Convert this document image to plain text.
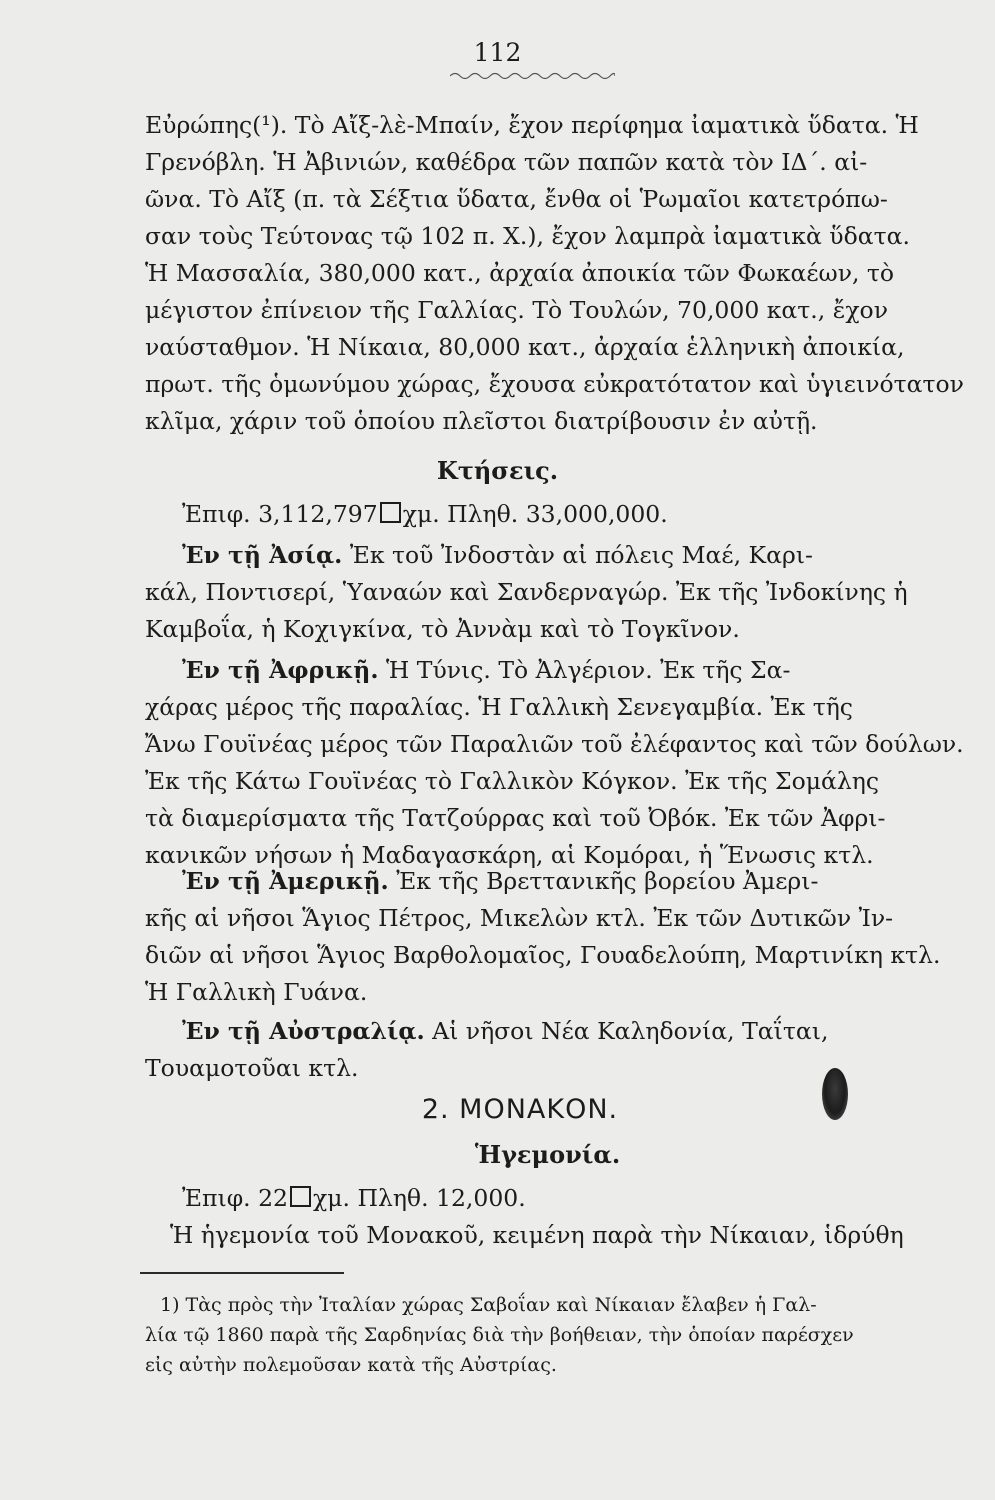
112
Εὐρώπης(¹). Τὸ Αἴξ-λὲ-Μπαίν, ἔχον περίφημα ἰαματικὰ ὕδατα. Ἡ
Γρενόβλη. Ἡ Ἀβινιών, καθέδρα τῶν παπῶν κατὰ τὸν ΙΔ΄. αἰ-
ῶνα. Τὸ Αἴξ (π. τὰ Σέξτια ὕδατα, ἔνθα οἱ Ῥωμαῖοι κατετρόπω-
σαν τοὺς Τεύτονας τῷ 102 π. Χ.), ἔχον λαμπρὰ ἰαματικὰ ὕδατα.
Ἡ Μασσαλία, 380,000 κατ., ἀρχαία ἀποικία τῶν Φωκαέων, τὸ
μέγιστον ἐπίνειον τῆς Γαλλίας. Τὸ Τουλών, 70,000 κατ., ἔχον
ναύσταθμον. Ἡ Νίκαια, 80,000 κατ., ἀρχαία ἑλληνικὴ ἀποικία,
πρωτ. τῆς ὁμωνύμου χώρας, ἔχουσα εὐκρατότατον καὶ ὑγιεινότατον
κλῖμα, χάριν τοῦ ὁποίου πλεῖστοι διατρίβουσιν ἐν αὐτῇ.
Κτήσεις.
Ἐπιφ. 3,112,797 χμ. Πληθ. 33,000,000.
Ἐν τῇ Ἀσίᾳ. Ἐκ τοῦ Ἰνδοστὰν αἱ πόλεις Μαέ, Καρι-
κάλ, Ποντισερί, Ὑαναών καὶ Σανδερναγώρ. Ἐκ τῆς Ἰνδοκίνης ἡ
Καμβοΐα, ἡ Κοχιγκίνα, τὸ Ἀννὰμ καὶ τὸ Τογκῖνον.
Ἐν τῇ Ἀφρικῇ. Ἡ Τύνις. Τὸ Ἀλγέριον. Ἐκ τῆς Σα-
χάρας μέρος τῆς παραλίας. Ἡ Γαλλικὴ Σενεγαμβία. Ἐκ τῆς
Ἄνω Γουϊνέας μέρος τῶν Παραλιῶν τοῦ ἐλέφαντος καὶ τῶν δούλων.
Ἐκ τῆς Κάτω Γουϊνέας τὸ Γαλλικὸν Κόγκον. Ἐκ τῆς Σομάλης
τὰ διαμερίσματα τῆς Τατζούρρας καὶ τοῦ Ὀβόκ. Ἐκ τῶν Ἀφρι-
κανικῶν νήσων ἡ Μαδαγασκάρη, αἱ Κομόραι, ἡ Ἕνωσις κτλ.
Ἐν τῇ Ἀμερικῇ. Ἐκ τῆς Βρεττανικῆς βορείου Ἀμερι-
κῆς αἱ νῆσοι Ἅγιος Πέτρος, Μικελὼν κτλ. Ἐκ τῶν Δυτικῶν Ἰν-
διῶν αἱ νῆσοι Ἅγιος Βαρθολομαῖος, Γουαδελούπη, Μαρτινίκη κτλ.
Ἡ Γαλλικὴ Γυάνα.
Ἐν τῇ Αὐστραλίᾳ. Αἱ νῆσοι Νέα Καληδονία, Ταΐται,
Τουαμοτοῦαι κτλ.
2. ΜΟΝΑΚΟΝ.
Ἡγεμονία.
Ἐπιφ. 22 χμ. Πληθ. 12,000.
Ἡ ἡγεμονία τοῦ Μονακοῦ, κειμένη παρὰ τὴν Νίκαιαν, ἱδρύθη
1) Τὰς πρὸς τὴν Ἰταλίαν χώρας Σαβοΐαν καὶ Νίκαιαν ἔλαβεν ἡ Γαλ-
λία τῷ 1860 παρὰ τῆς Σαρδηνίας διὰ τὴν βοήθειαν, τὴν ὁποίαν παρέσχεν
εἰς αὐτὴν πολεμοῦσαν κατὰ τῆς Αὐστρίας.
